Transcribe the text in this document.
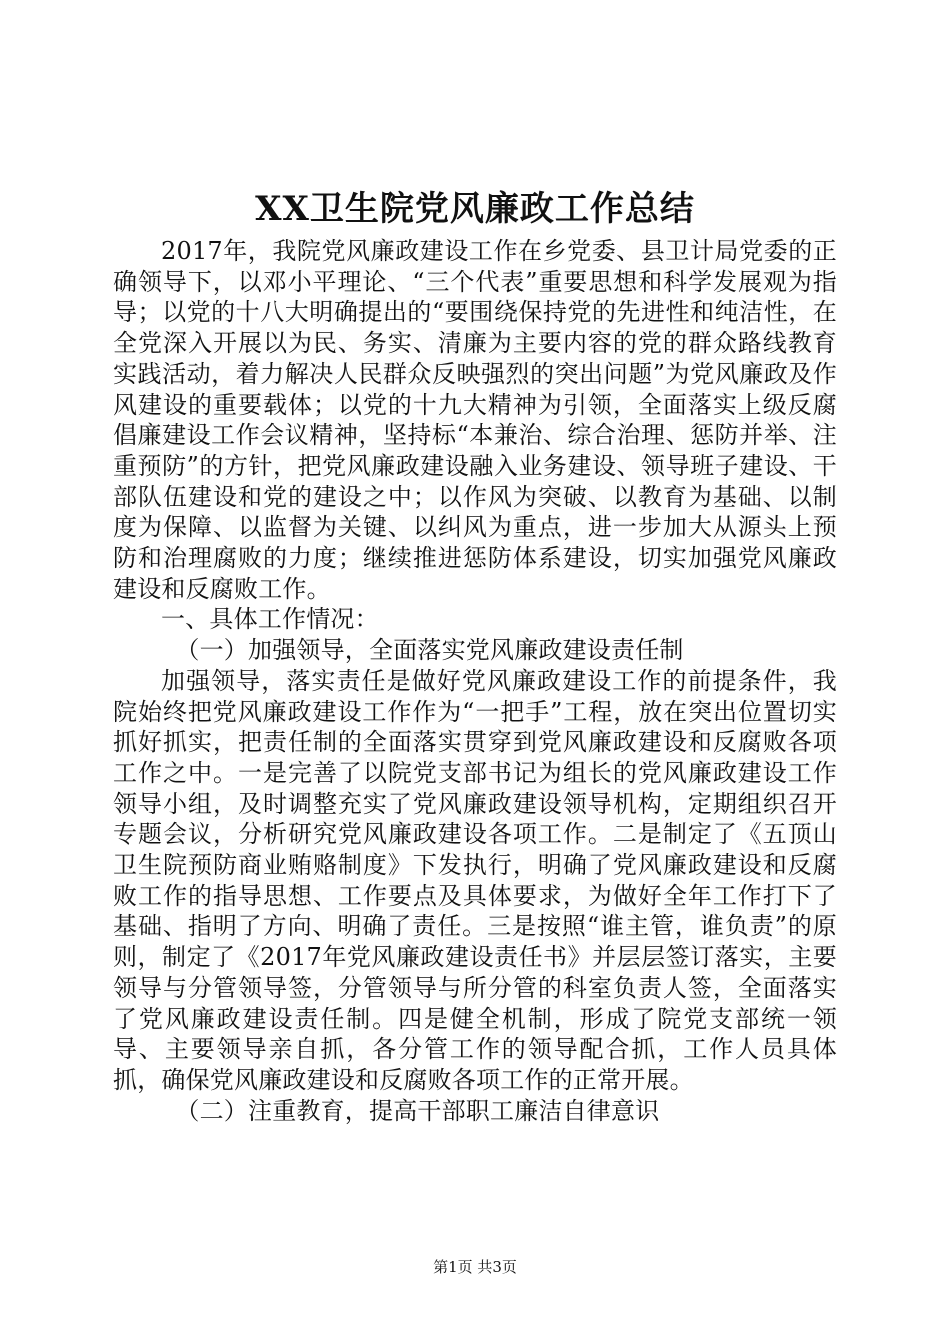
XX卫生院党风廉政工作总结

2017年，我院党风廉政建设工作在乡党委、县卫计局党委的正确领导下，以邓小平理论、“三个代表”重要思想和科学发展观为指导；以党的十八大明确提出的“要围绕保持党的先进性和纯洁性，在全党深入开展以为民、务实、清廉为主要内容的党的群众路线教育实践活动，着力解决人民群众反映强烈的突出问题”为党风廉政及作风建设的重要载体；以党的十九大精神为引领，全面落实上级反腐倡廉建设工作会议精神，坚持标“本兼治、综合治理、惩防并举、注重预防”的方针，把党风廉政建设融入业务建设、领导班子建设、干部队伍建设和党的建设之中；以作风为突破、以教育为基础、以制度为保障、以监督为关键、以纠风为重点，进一步加大从源头上预防和治理腐败的力度；继续推进惩防体系建设，切实加强党风廉政建设和反腐败工作。

一、具体工作情况：

（一）加强领导，全面落实党风廉政建设责任制

加强领导，落实责任是做好党风廉政建设工作的前提条件，我院始终把党风廉政建设工作作为“一把手”工程，放在突出位置切实抓好抓实，把责任制的全面落实贯穿到党风廉政建设和反腐败各项工作之中。一是完善了以院党支部书记为组长的党风廉政建设工作领导小组，及时调整充实了党风廉政建设领导机构，定期组织召开专题会议，分析研究党风廉政建设各项工作。二是制定了《五顶山卫生院预防商业贿赂制度》下发执行，明确了党风廉政建设和反腐败工作的指导思想、工作要点及具体要求，为做好全年工作打下了基础、指明了方向、明确了责任。三是按照“谁主管，谁负责”的原则，制定了《2017年党风廉政建设责任书》并层层签订落实，主要领导与分管领导签，分管领导与所分管的科室负责人签，全面落实了党风廉政建设责任制。四是健全机制，形成了院党支部统一领导、主要领导亲自抓，各分管工作的领导配合抓，工作人员具体抓，确保党风廉政建设和反腐败各项工作的正常开展。

（二）注重教育，提高干部职工廉洁自律意识

第1页 共3页
